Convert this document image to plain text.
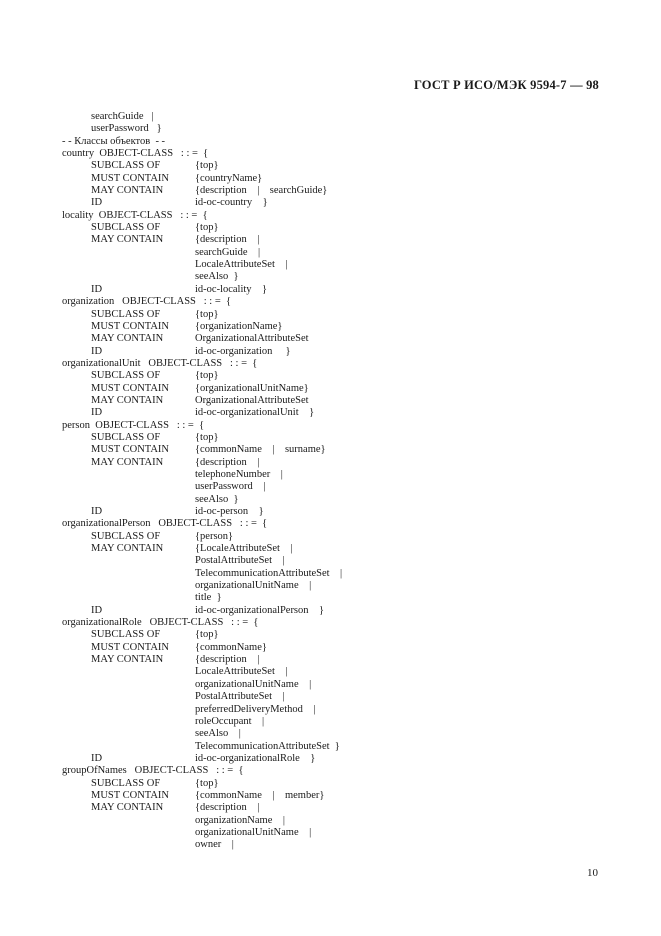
ГОСТ Р ИСО/МЭК 9594-7 — 98
searchGuide   |
userPassword   }
- - Классы объектов  - -
country  OBJECT-CLASS   : : =  {
SUBCLASS OF	{top}
MUST CONTAIN {countryName}
MAY CONTAIN	{description    |    searchGuide}
ID	id-oc-country    }
locality  OBJECT-CLASS   : : =  {
SUBCLASS OF	{top}
MAY CONTAIN	{description    |
searchGuide    |
LocaleAttributeSet    |
seeAlso  }
ID	id-oc-locality    }
organization   OBJECT-CLASS   : : =  {
SUBCLASS OF	{top}
MUST CONTAIN {organizationName}
MAY CONTAIN	OrganizationalAttributeSet
ID	id-oc-organization     }
organizationalUnit   OBJECT-CLASS   : : =  {
SUBCLASS OF	{top}
MUST CONTAIN {organizationalUnitName}
MAY CONTAIN	OrganizationalAttributeSet
ID	id-oc-organizationalUnit    }
person  OBJECT-CLASS   : : =  {
SUBCLASS OF	{top}
MUST CONTAIN {commonName    |    surname}
MAY CONTAIN	{description    |
telephoneNumber    |
userPassword    |
seeAlso  }
ID	id-oc-person    }
organizationalPerson   OBJECT-CLASS   : : =  {
SUBCLASS OF	{person}
MAY CONTAIN	{LocaleAttributeSet    |
PostalAttributeSet    |
TelecommunicationAttributeSet    |
organizationalUnitName    |
title  }
ID	id-oc-organizationalPerson    }
organizationalRole   OBJECT-CLASS   : : =  {
SUBCLASS OF	{top}
MUST CONTAIN {commonName}
MAY CONTAIN	{description    |
LocaleAttributeSet    |
organizationalUnitName    |
PostalAttributeSet    |
preferredDeliveryMethod    |
roleOccupant    |
seeAlso    |
TelecommunicationAttributeSet  }
ID	id-oc-organizationalRole    }
groupOfNames   OBJECT-CLASS   : : =  {
SUBCLASS OF	{top}
MUST CONTAIN {commonName    |    member}
MAY CONTAIN	{description    |
organizationName    |
organizationalUnitName    |
owner    |
10
